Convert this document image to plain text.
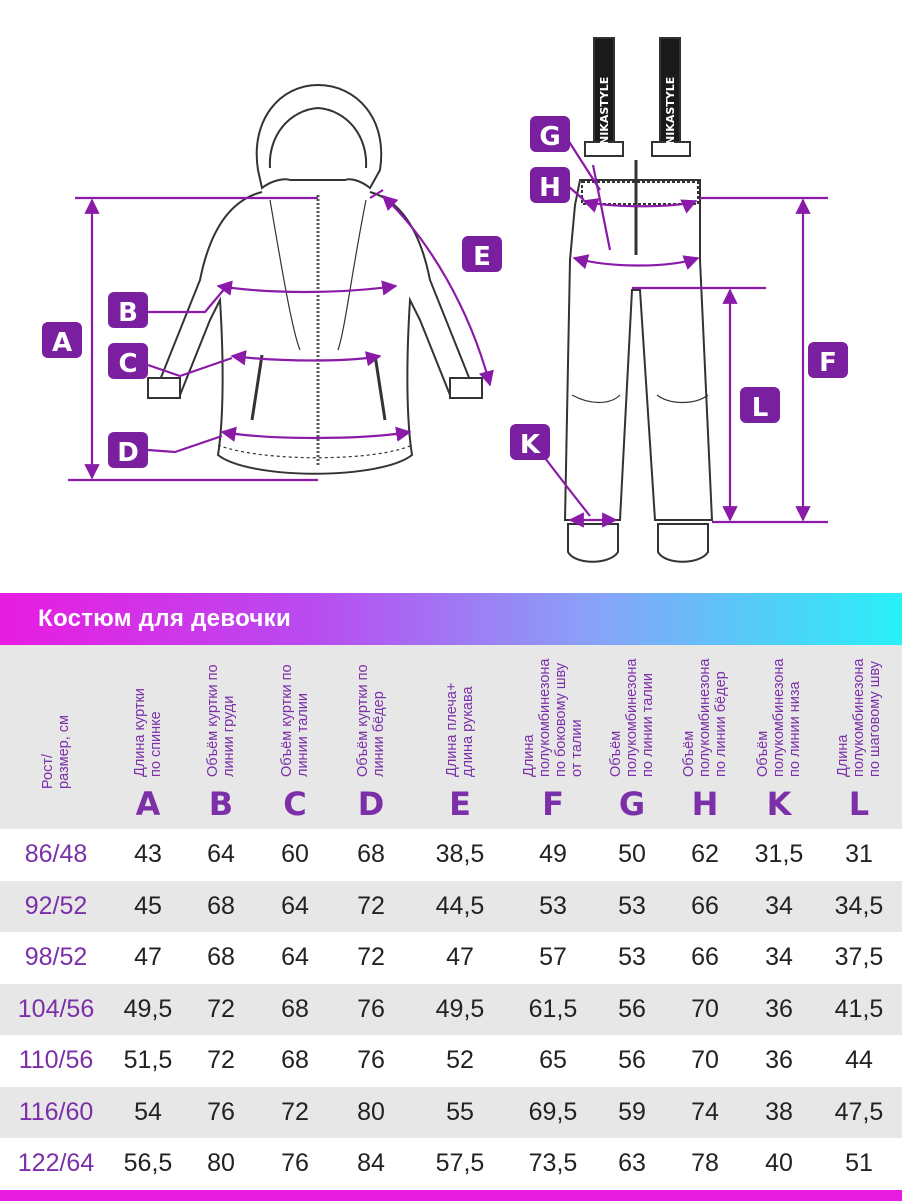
NIKASTYLE	NIKASTYLE
A
B
C
D
E
F
G
H
K
L
Костюм для девочки
Рост/
размер, см
Длина куртки
по спинке
A
Объём куртки по
линии груди
B
Объём куртки по
линии талии
C
Объём куртки по
линии бёдер
D
Длина плеча+
длина рукава
E
Длина
полукомбинезона
по боковому шву
от талии
F
Объём
полукомбинезона
по линии талии
G
Объём
полукомбинезона
по линии бёдер
H
Объём
полукомбинезона
по линии низа
K
Длина
полукомбинезона
по шаговому шву
L
86/48	43	64	60	68	38,5	49	50	62	31,5	31
92/52	45	68	64	72	44,5	53	53	66	34	34,5
98/52	47	68	64	72	47	57	53	66	34	37,5
104/56	49,5	72	68	76	49,5	61,5	56	70	36	41,5
110/56	51,5	72	68	76	52	65	56	70	36	44
116/60	54	76	72	80	55	69,5	59	74	38	47,5
122/64	56,5	80	76	84	57,5	73,5	63	78	40	51
